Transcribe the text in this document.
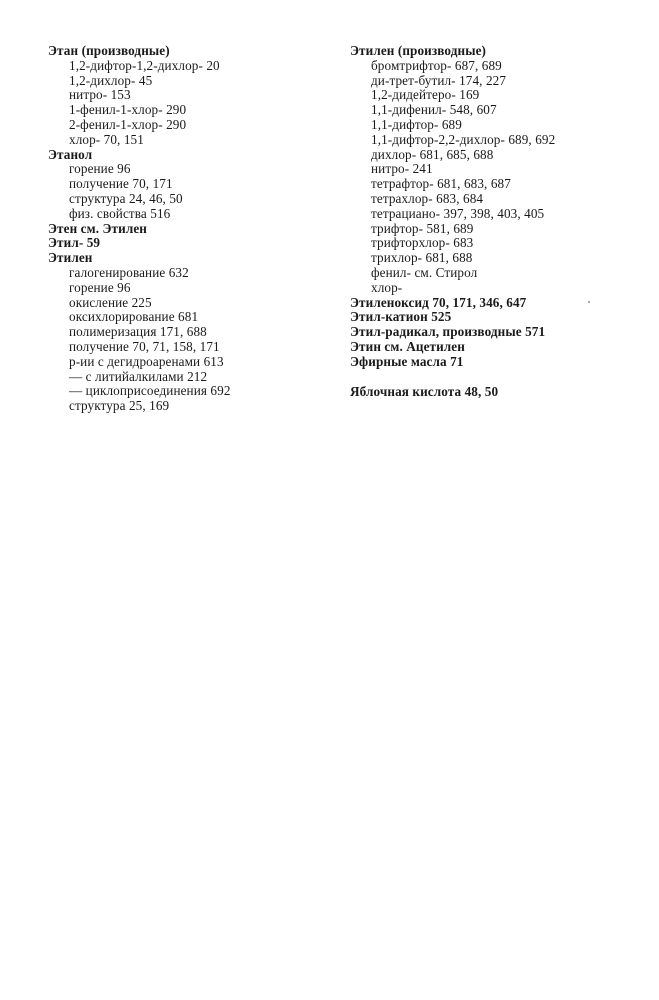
Этан (производные)
1,2-дифтор-1,2-дихлор- 20
1,2-дихлор- 45
нитро- 153
1-фенил-1-хлор- 290
2-фенил-1-хлор- 290
хлор- 70, 151
Этанол
горение 96
получение 70, 171
структура 24, 46, 50
физ. свойства 516
Этен см. Этилен
Этил- 59
Этилен
галогенирование 632
горение 96
окисление 225
оксихлорирование 681
полимеризация 171, 688
получение 70, 71, 158, 171
р-ии с дегидроаренами 613
— с литийалкилами 212
— циклоприсоединения 692
структура 25, 169
Этилен (производные)
бромтрифтор- 687, 689
ди-трет-бутил- 174, 227
1,2-дидейтеро- 169
1,1-дифенил- 548, 607
1,1-дифтор- 689
1,1-дифтор-2,2-дихлор- 689, 692
дихлор- 681, 685, 688
нитро- 241
тетрафтор- 681, 683, 687
тетрахлор- 683, 684
тетрациано- 397, 398, 403, 405
трифтор- 581, 689
трифторхлор- 683
трихлор- 681, 688
фенил- см. Стирол
хлор-
Этиленоксид 70, 171, 346, 647
Этил-катион 525
Этил-радикал, производные 571
Этин см. Ацетилен
Эфирные масла 71
Яблочная кислота 48, 50
